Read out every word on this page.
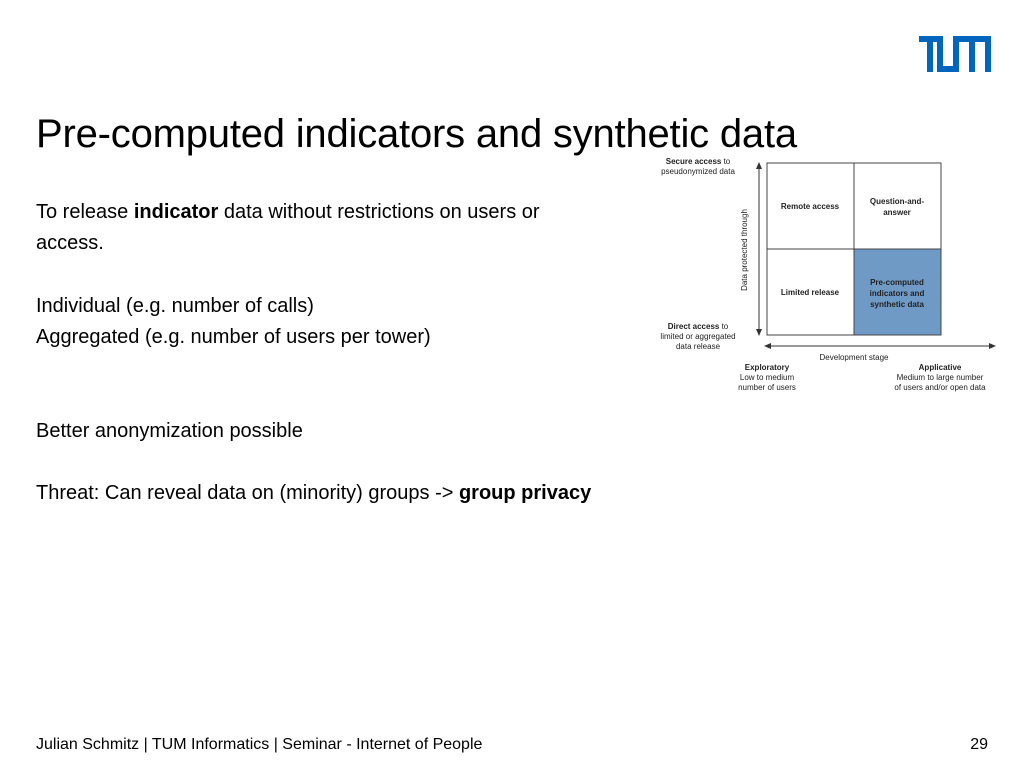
Pre-computed indicators and synthetic data
To release indicator data without restrictions on users or
access.
Individual (e.g. number of calls)
Aggregated (e.g. number of users per tower)
Better anonymization possible
Threat: Can reveal data on (minority) groups -> group privacy
Secure access to
pseudonymized data
Data protected through
Direct access to
limited or aggregated
data release
Remote access
Question-and-
answer
Limited release
Pre-computed
indicators and
synthetic data
Development stage
Exploratory
Low to medium
number of users
Applicative
Medium to large number
of users and/or open data
Julian Schmitz | TUM Informatics | Seminar - Internet of People	29
